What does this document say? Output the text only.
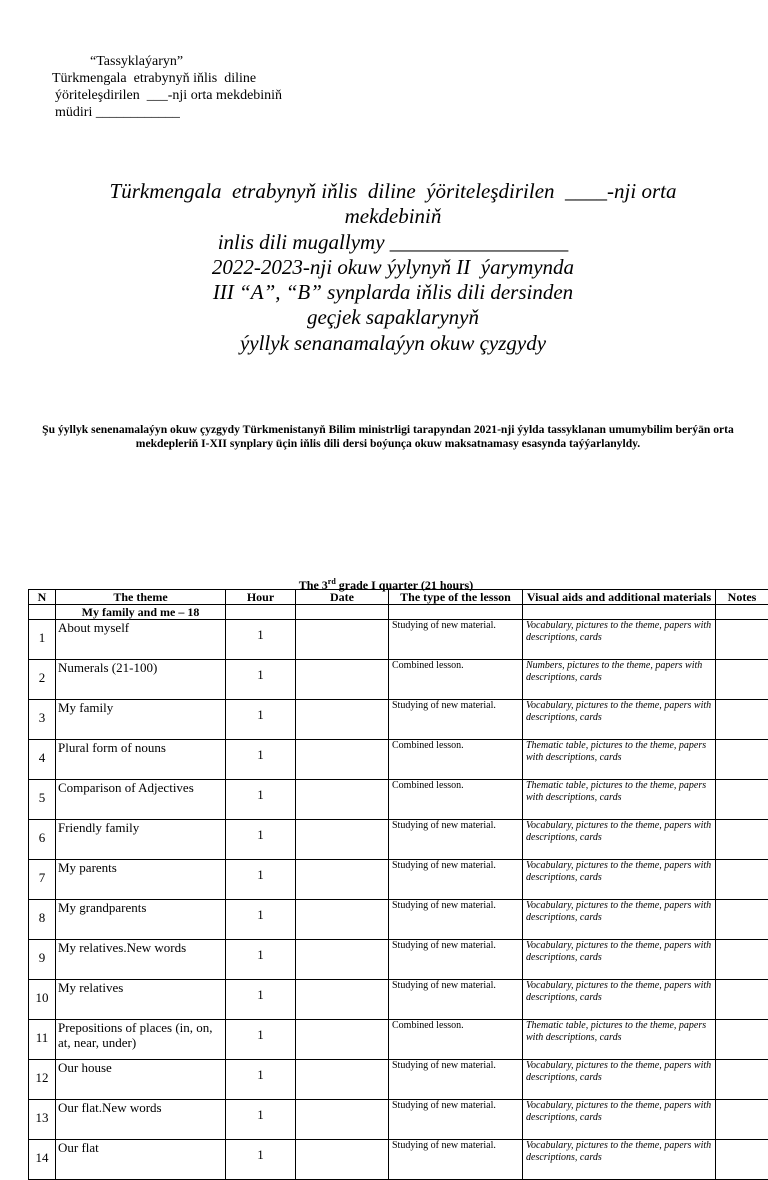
“Tassyklaýaryn”
Türkmengala  etrabynyň iňlis  diline
ýöriteleşdirilen  ___-nji orta mekdebiniň
müdiri ____________
Türkmengala  etrabynyň iňlis  diline  ýöriteleşdirilen  ____-nji orta
mekdebiniň
inlis dili mugallymy _________________
2022-2023-nji okuw ýylynyň II  ýarymynda
III “A”, “B” synplarda iňlis dili dersinden
geçjek sapaklarynyň
ýyllyk senanamalaýyn okuw çyzgydy
Şu ýyllyk senenamalaýyn okuw çyzgydy Türkmenistanyň Bilim ministrligi tarapyndan 2021-nji ýylda tassyklanan umumybilim berýän orta mekdepleriň I-XII synplary üçin iňlis dili dersi boýunça okuw maksatnamasy esasynda taýýarlanyldy.
The 3rd grade I quarter (21 hours)
N	The theme	Hour	Date	The type of the lesson	Visual aids and additional materials	Notes
	My family and me – 18					
1	About myself	1		Studying of new material.	Vocabulary, pictures to the theme, papers with descriptions, cards	
2	Numerals (21-100)	1		Combined lesson.	Numbers, pictures to the theme, papers with descriptions, cards	
3	My family	1		Studying of new material.	Vocabulary, pictures to the theme, papers with descriptions, cards	
4	Plural form of nouns	1		Combined lesson.	Thematic table, pictures to the theme, papers with descriptions, cards	
5	Comparison of Adjectives	1		Combined lesson.	Thematic table, pictures to the theme, papers with descriptions, cards	
6	Friendly family	1		Studying of new material.	Vocabulary, pictures to the theme, papers with descriptions, cards	
7	My parents	1		Studying of new material.	Vocabulary, pictures to the theme, papers with descriptions, cards	
8	My grandparents	1		Studying of new material.	Vocabulary, pictures to the theme, papers with descriptions, cards	
9	My relatives.New words	1		Studying of new material.	Vocabulary, pictures to the theme, papers with descriptions, cards	
10	My relatives	1		Studying of new material.	Vocabulary, pictures to the theme, papers with descriptions, cards	
11	Prepositions of places (in, on, at, near, under)	1		Combined lesson.	Thematic table, pictures to the theme, papers with descriptions, cards	
12	Our house	1		Studying of new material.	Vocabulary, pictures to the theme, papers with descriptions, cards	
13	Our flat.New words	1		Studying of new material.	Vocabulary, pictures to the theme, papers with descriptions, cards	
14	Our flat	1		Studying of new material.	Vocabulary, pictures to the theme, papers with descriptions, cards	
